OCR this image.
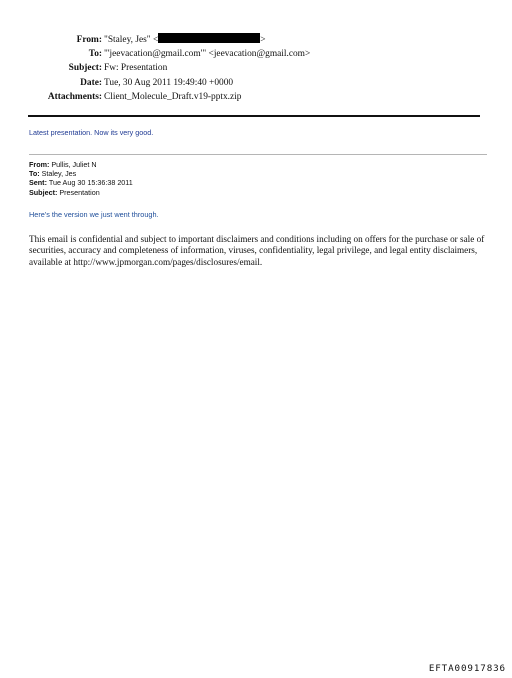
From: "Staley, Jes" <	>
To: "'jeevacation@gmail.com'" <jeevacation@gmail.com>
Subject: Fw: Presentation
Date: Tue, 30 Aug 2011 19:49:40 +0000
Attachments: Client_Molecule_Draft.v19-pptx.zip
Latest presentation. Now its very good.
From: Pullis, Juliet N
To: Staley, Jes
Sent: Tue Aug 30 15:36:38 2011
Subject: Presentation
Here's the version we just went through.
This email is confidential and subject to important disclaimers and conditions including on offers for the purchase or sale of securities, accuracy and completeness of information, viruses, confidentiality, legal privilege, and legal entity disclaimers, available at http://www.jpmorgan.com/pages/disclosures/email.
EFTA00917836
